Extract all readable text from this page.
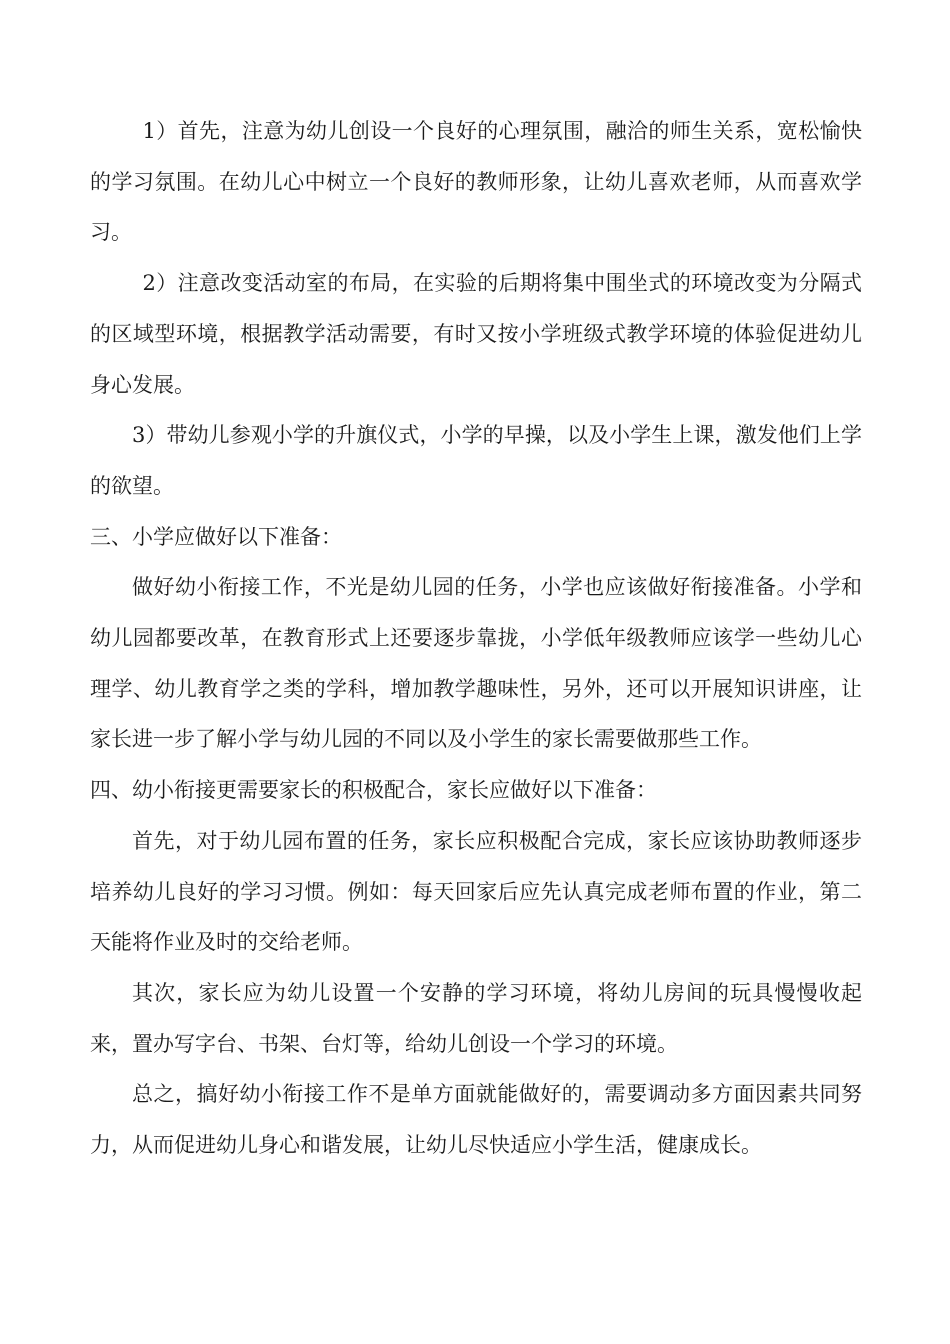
1）首先，注意为幼儿创设一个良好的心理氛围，融洽的师生关系，宽松愉快的学习氛围。在幼儿心中树立一个良好的教师形象，让幼儿喜欢老师，从而喜欢学习。

2）注意改变活动室的布局，在实验的后期将集中围坐式的环境改变为分隔式的区域型环境，根据教学活动需要，有时又按小学班级式教学环境的体验促进幼儿身心发展。

3）带幼儿参观小学的升旗仪式，小学的早操，以及小学生上课，激发他们上学的欲望。

三、小学应做好以下准备：

做好幼小衔接工作，不光是幼儿园的任务，小学也应该做好衔接准备。小学和幼儿园都要改革，在教育形式上还要逐步靠拢，小学低年级教师应该学一些幼儿心理学、幼儿教育学之类的学科，增加教学趣味性，另外，还可以开展知识讲座，让家长进一步了解小学与幼儿园的不同以及小学生的家长需要做那些工作。

四、幼小衔接更需要家长的积极配合，家长应做好以下准备：

首先，对于幼儿园布置的任务，家长应积极配合完成，家长应该协助教师逐步培养幼儿良好的学习习惯。例如：每天回家后应先认真完成老师布置的作业，第二天能将作业及时的交给老师。

其次，家长应为幼儿设置一个安静的学习环境，将幼儿房间的玩具慢慢收起来，置办写字台、书架、台灯等，给幼儿创设一个学习的环境。

总之，搞好幼小衔接工作不是单方面就能做好的，需要调动多方面因素共同努力，从而促进幼儿身心和谐发展，让幼儿尽快适应小学生活，健康成长。
